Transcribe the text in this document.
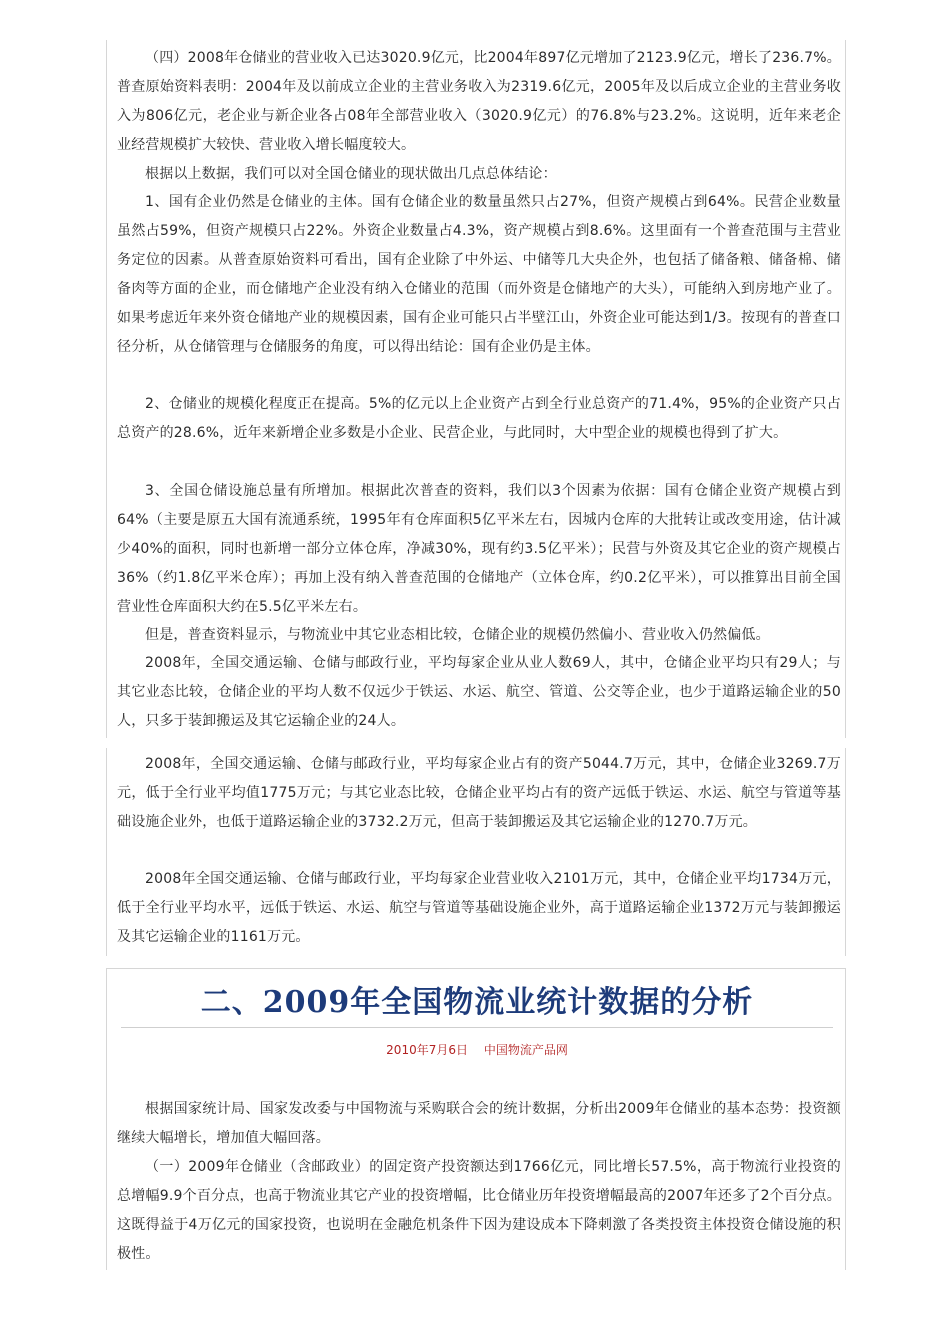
（四）2008年仓储业的营业收入已达3020.9亿元，比2004年897亿元增加了2123.9亿元，增长了236.7%。普查原始资料表明：2004年及以前成立企业的主营业务收入为2319.6亿元，2005年及以后成立企业的主营业务收入为806亿元，老企业与新企业各占08年全部营业收入（3020.9亿元）的76.8%与23.2%。这说明，近年来老企业经营规模扩大较快、营业收入增长幅度较大。

根据以上数据，我们可以对全国仓储业的现状做出几点总体结论：

1、国有企业仍然是仓储业的主体。国有仓储企业的数量虽然只占27%，但资产规模占到64%。民营企业数量虽然占59%，但资产规模只占22%。外资企业数量占4.3%，资产规模占到8.6%。这里面有一个普查范围与主营业务定位的因素。从普查原始资料可看出，国有企业除了中外运、中储等几大央企外，也包括了储备粮、储备棉、储备肉等方面的企业，而仓储地产企业没有纳入仓储业的范围（而外资是仓储地产的大头），可能纳入到房地产业了。如果考虑近年来外资仓储地产业的规模因素，国有企业可能只占半壁江山，外资企业可能达到1/3。按现有的普查口径分析，从仓储管理与仓储服务的角度，可以得出结论：国有企业仍是主体。

2、仓储业的规模化程度正在提高。5%的亿元以上企业资产占到全行业总资产的71.4%，95%的企业资产只占总资产的28.6%，近年来新增企业多数是小企业、民营企业，与此同时，大中型企业的规模也得到了扩大。

3、全国仓储设施总量有所增加。根据此次普查的资料，我们以3个因素为依据：国有仓储企业资产规模占到64%（主要是原五大国有流通系统，1995年有仓库面积5亿平米左右，因城内仓库的大批转让或改变用途，估计减少40%的面积，同时也新增一部分立体仓库，净减30%，现有约3.5亿平米）；民营与外资及其它企业的资产规模占36%（约1.8亿平米仓库）；再加上没有纳入普查范围的仓储地产（立体仓库，约0.2亿平米），可以推算出目前全国营业性仓库面积大约在5.5亿平米左右。

但是，普查资料显示，与物流业中其它业态相比较，仓储企业的规模仍然偏小、营业收入仍然偏低。

2008年，全国交通运输、仓储与邮政行业，平均每家企业从业人数69人，其中，仓储企业平均只有29人；与其它业态比较，仓储企业的平均人数不仅远少于铁运、水运、航空、管道、公交等企业，也少于道路运输企业的50人，只多于装卸搬运及其它运输企业的24人。

2008年，全国交通运输、仓储与邮政行业，平均每家企业占有的资产5044.7万元，其中，仓储企业3269.7万元，低于全行业平均值1775万元；与其它业态比较，仓储企业平均占有的资产远低于铁运、水运、航空与管道等基础设施企业外，也低于道路运输企业的3732.2万元，但高于装卸搬运及其它运输企业的1270.7万元。

2008年全国交通运输、仓储与邮政行业，平均每家企业营业收入2101万元，其中，仓储企业平均1734万元，低于全行业平均水平，远低于铁运、水运、航空与管道等基础设施企业外，高于道路运输企业1372万元与装卸搬运及其它运输企业的1161万元。

二、2009年全国物流业统计数据的分析

2010年7月6日 中国物流产品网

根据国家统计局、国家发改委与中国物流与采购联合会的统计数据，分析出2009年仓储业的基本态势：投资额继续大幅增长，增加值大幅回落。

（一）2009年仓储业（含邮政业）的固定资产投资额达到1766亿元，同比增长57.5%，高于物流行业投资的总增幅9.9个百分点，也高于物流业其它产业的投资增幅，比仓储业历年投资增幅最高的2007年还多了2个百分点。这既得益于4万亿元的国家投资，也说明在金融危机条件下因为建设成本下降刺激了各类投资主体投资仓储设施的积极性。
